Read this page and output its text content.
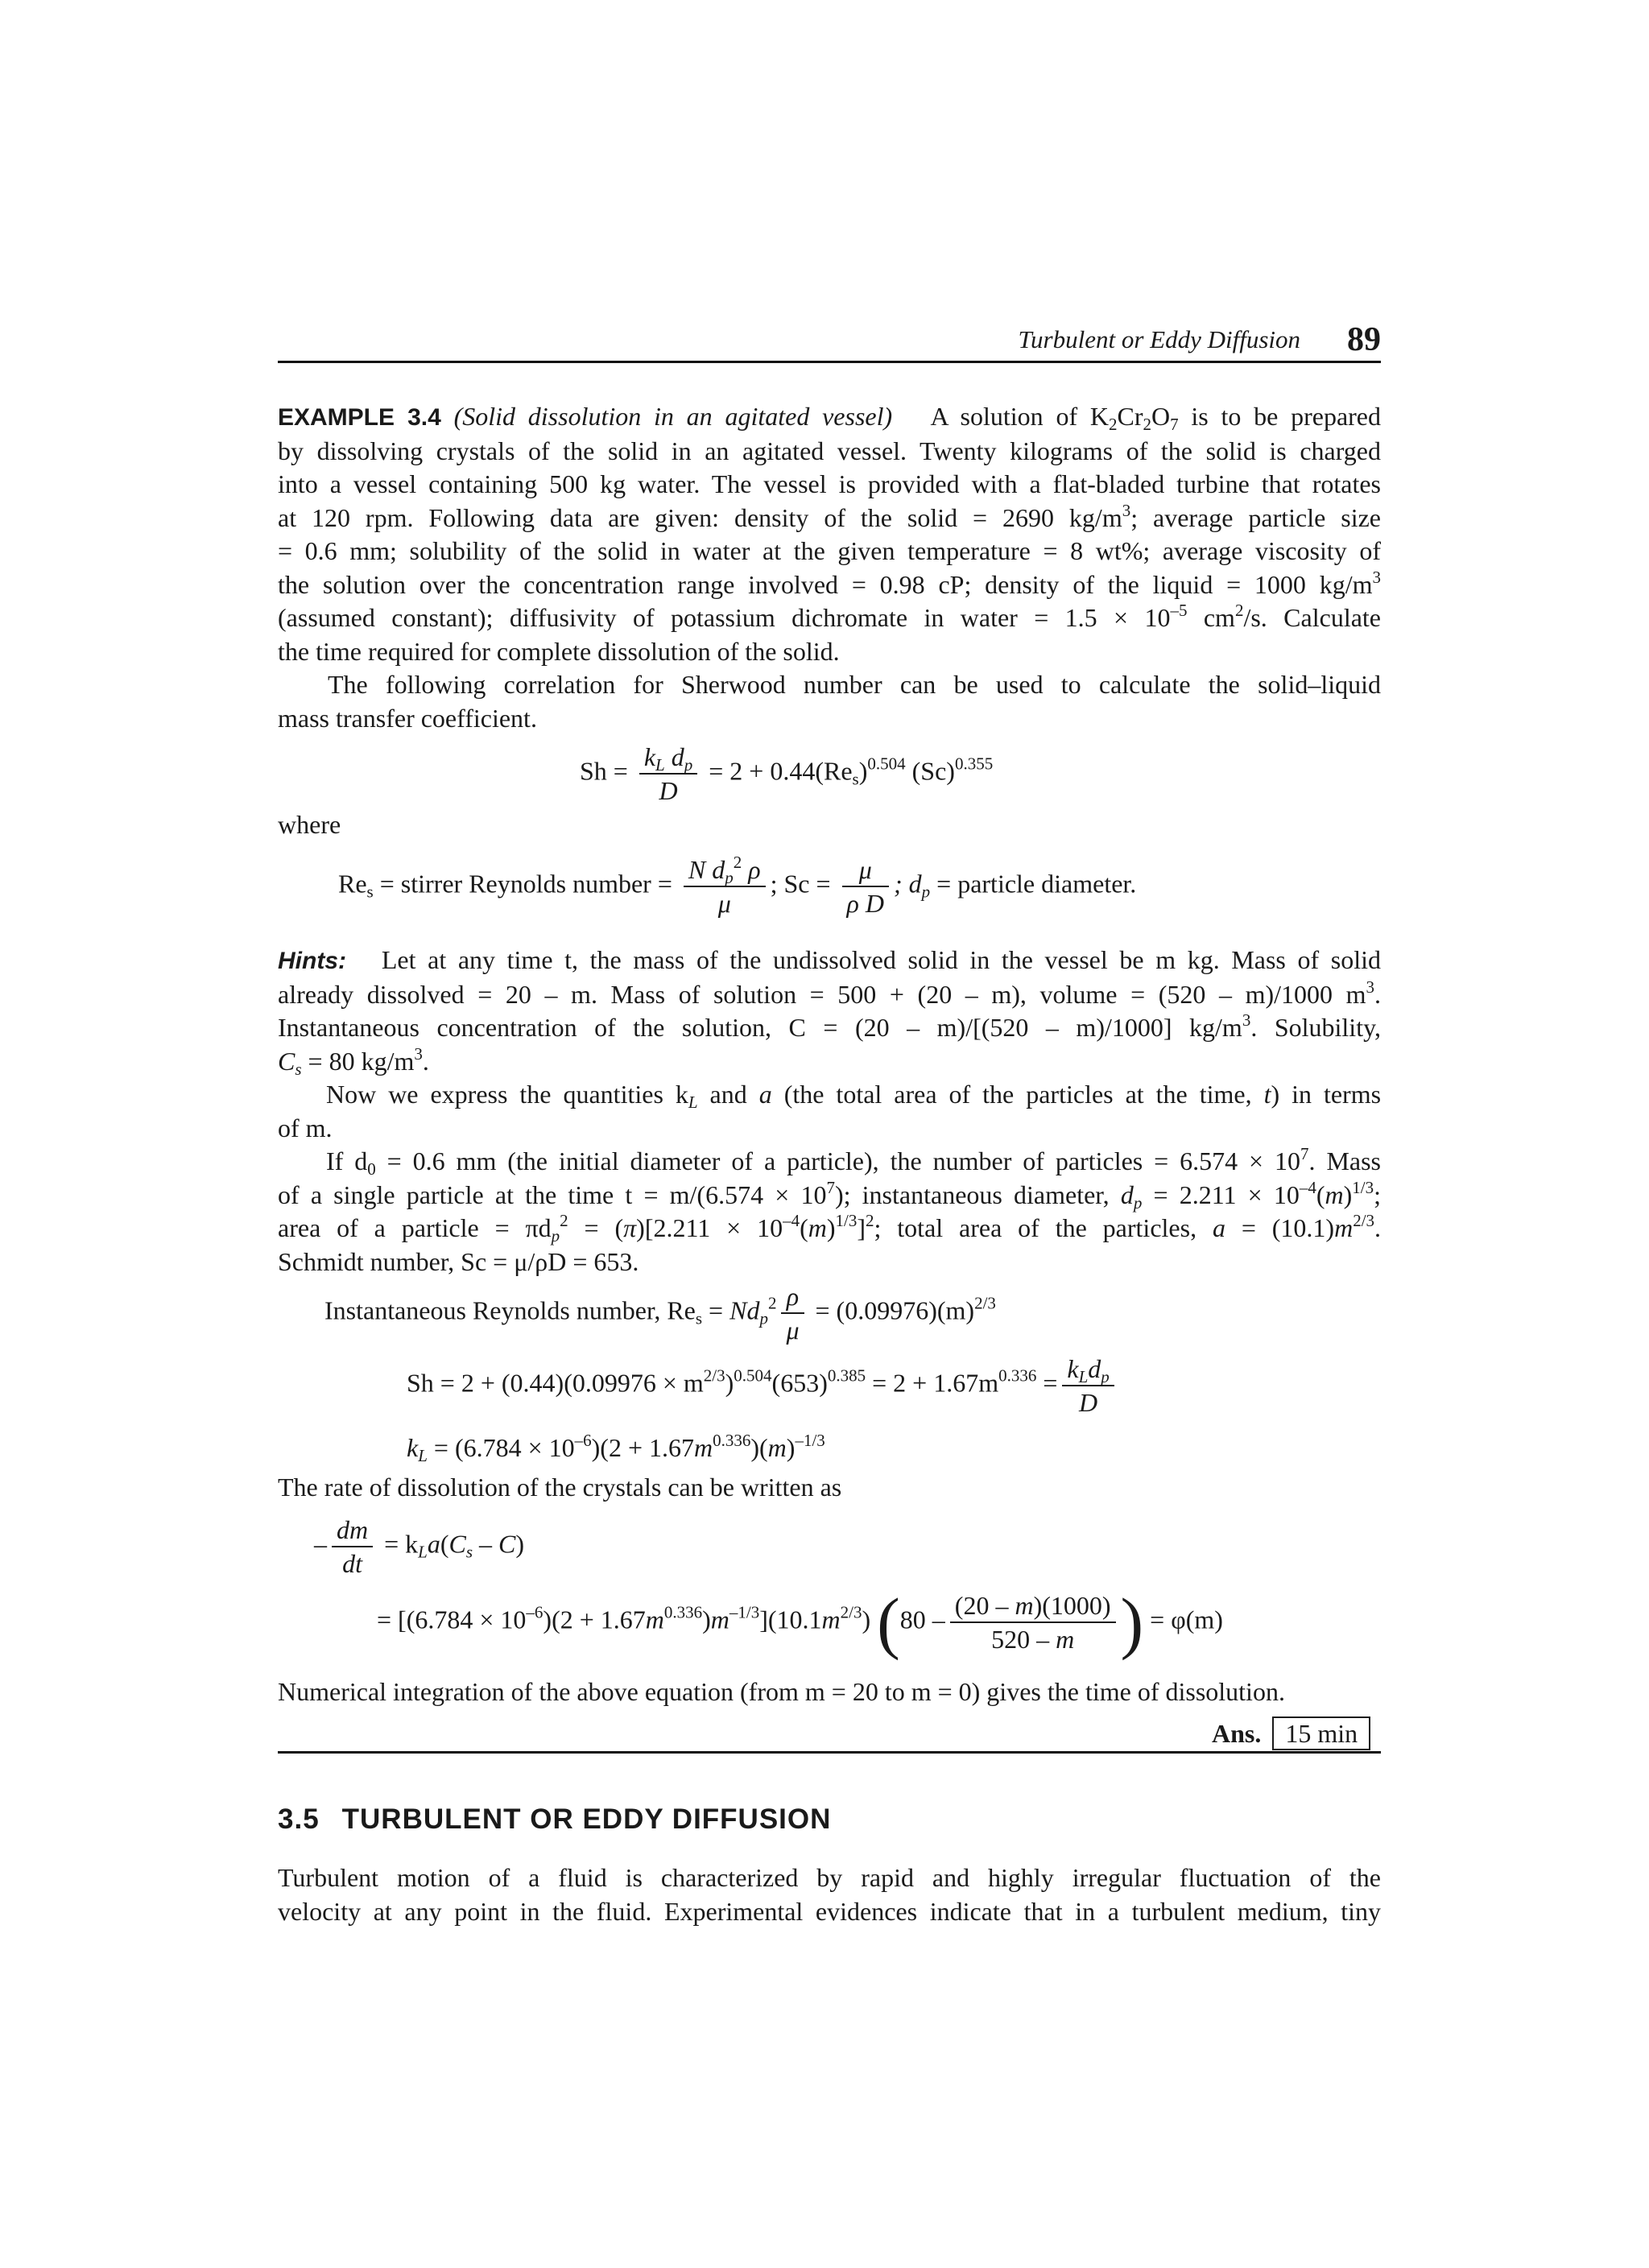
Turbulent or Eddy Diffusion 89
EXAMPLE 3.4 (Solid dissolution in an agitated vessel) A solution of $K_2Cr_2O_7$ is to be prepared
by dissolving crystals of the solid in an agitated vessel. Twenty kilograms of the solid is charged
into a vessel containing 500 kg water. The vessel is provided with a flat-bladed turbine that rotates
at 120 rpm. Following data are given: density of the solid = 2690 $kg/m^3$; average particle size
= 0.6 mm; solubility of the solid in water at the given temperature = 8 wt%; average viscosity of
the solution over the concentration range involved = 0.98 cP; density of the liquid = 1000 $kg/m^3$
(assumed constant); diffusivity of potassium dichromate in water = $1.5 \times 10^{-5}$ $cm^2/s$. Calculate
the time required for complete dissolution of the solid.
The following correlation for Sherwood number can be used to calculate the solid–liquid
mass transfer coefficient.
$Sh = \frac{k_L d_p}{D} = 2 + 0.44(Re_s)^{0.504}$ $(Sc)^{0.355}$
where
$Re_s$ = stirrer Reynolds number = $\frac{N d_p^2 \rho}{\mu}$ ; $Sc = \frac{\mu}{\text{ρ D}}$ ; $d_p$ = particle diameter.
Hints: Let at any time t, the mass of the undissolved solid in the vessel be m kg. Mass of solid
already dissolved = 20 – m. Mass of solution = 500 + (20 – m), volume = (520 – m)/1000 $m^3$.
Instantaneous concentration of the solution, C = (20 – m)/[(520 – m)/1000] $kg/m^3$. Solubility,
$C_s = 80$ $kg/m^3$.
Now we express the quantities $k_L$ and a (the total area of the particles at the time, t) in terms
of m.
If $d_0 = 0.6$ mm (the initial diameter of a particle), the number of particles = $6.574 \times 10^7$. Mass
of a single particle at the time $t = m/(6.574 \times 10^7)$; instantaneous diameter, $d_p = 2.211 \times 10^{-4}(m)^{1/3}$;
area of a particle = $\pi d_p^2 = (\pi)[2.211 \times 10^{-4}(m)^{1/3}]^2$; total area of the particles, $a = (10.1)m^{2/3}$.
Schmidt number, Sc = μ/ρD = 653.
Instantaneous Reynolds number, $Re_s = Nd_p^2 \frac{\rho}{\mu} = (0.09976)(m)^{2/3}$
$Sh = 2 + (0.44)(0.09976 \times m^{2/3})^{0.504}(653)^{0.385} = 2 + 1.67m^{0.336} = \frac{k_Ld_p}{D}$
$k_L = (6.784 \times 10^{-6})(2 + 1.67m^{0.336})(m)^{-1/3}$
The rate of dissolution of the crystals can be written as
– $\frac{dm}{dt} = k_La(C_s - C)$
= $[(6.784 \times 10^{-6})(2 + 1.67m^{0.336})m^{-1/3}](10.1m^{2/3})$ ($80 - \frac{(20 - m)(1000)}{520 - m}$ ) = φ(m)
Numerical integration of the above equation (from m = 20 to m = 0) gives the time of dissolution.
Ans. 15 min
3.5 TURBULENT OR EDDY DIFFUSION
Turbulent motion of a fluid is characterized by rapid and highly irregular fluctuation of the
velocity at any point in the fluid. Experimental evidences indicate that in a turbulent medium, tiny
